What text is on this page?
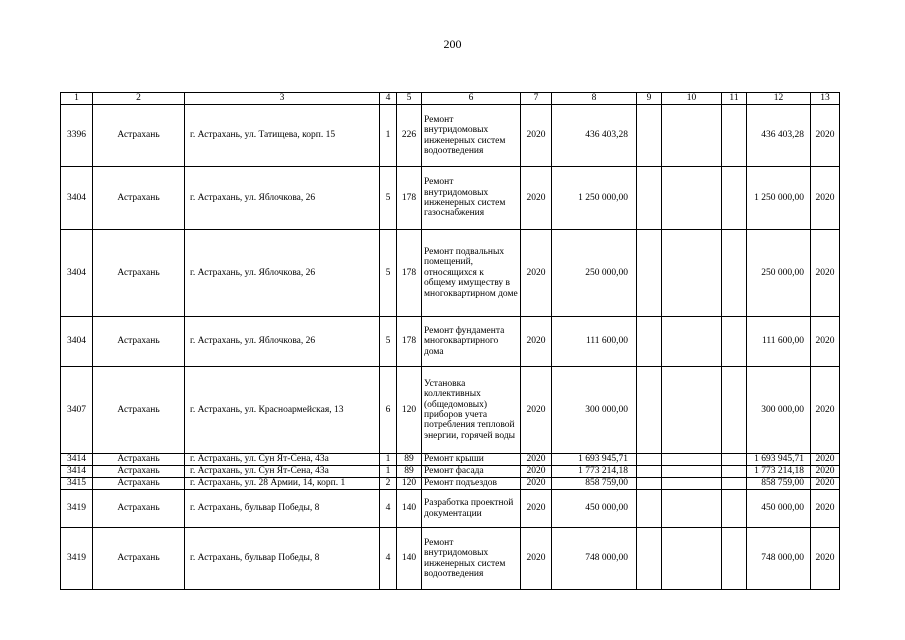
200
1	2	3	4	5	6	7	8	9	10	11	12	13
3396	Астрахань	г. Астрахань, ул. Татищева, корп. 15	1	226	Ремонт внутридомовых инженерных систем водоотведения	2020	436 403,28				436 403,28	2020
3404	Астрахань	г. Астрахань, ул. Яблочкова, 26	5	178	Ремонт внутридомовых инженерных систем газоснабжения	2020	1 250 000,00				1 250 000,00	2020
3404	Астрахань	г. Астрахань, ул. Яблочкова, 26	5	178	Ремонт подвальных помещений, относящихся к общему имуществу в многоквартирном доме	2020	250 000,00				250 000,00	2020
3404	Астрахань	г. Астрахань, ул. Яблочкова, 26	5	178	Ремонт фундамента многоквартирного дома	2020	111 600,00				111 600,00	2020
3407	Астрахань	г. Астрахань, ул. Красноармейская, 13	6	120	Установка коллективных (общедомовых) приборов учета потребления тепловой энергии, горячей воды	2020	300 000,00				300 000,00	2020
3414	Астрахань	г. Астрахань, ул. Сун Ят-Сена, 43а	1	89	Ремонт крыши	2020	1 693 945,71				1 693 945,71	2020
3414	Астрахань	г. Астрахань, ул. Сун Ят-Сена, 43а	1	89	Ремонт фасада	2020	1 773 214,18				1 773 214,18	2020
3415	Астрахань	г. Астрахань, ул. 28 Армии, 14, корп. 1	2	120	Ремонт подъездов	2020	858 759,00				858 759,00	2020
3419	Астрахань	г. Астрахань, бульвар Победы, 8	4	140	Разработка проектной документации	2020	450 000,00				450 000,00	2020
3419	Астрахань	г. Астрахань, бульвар Победы, 8	4	140	Ремонт внутридомовых инженерных систем водоотведения	2020	748 000,00				748 000,00	2020
